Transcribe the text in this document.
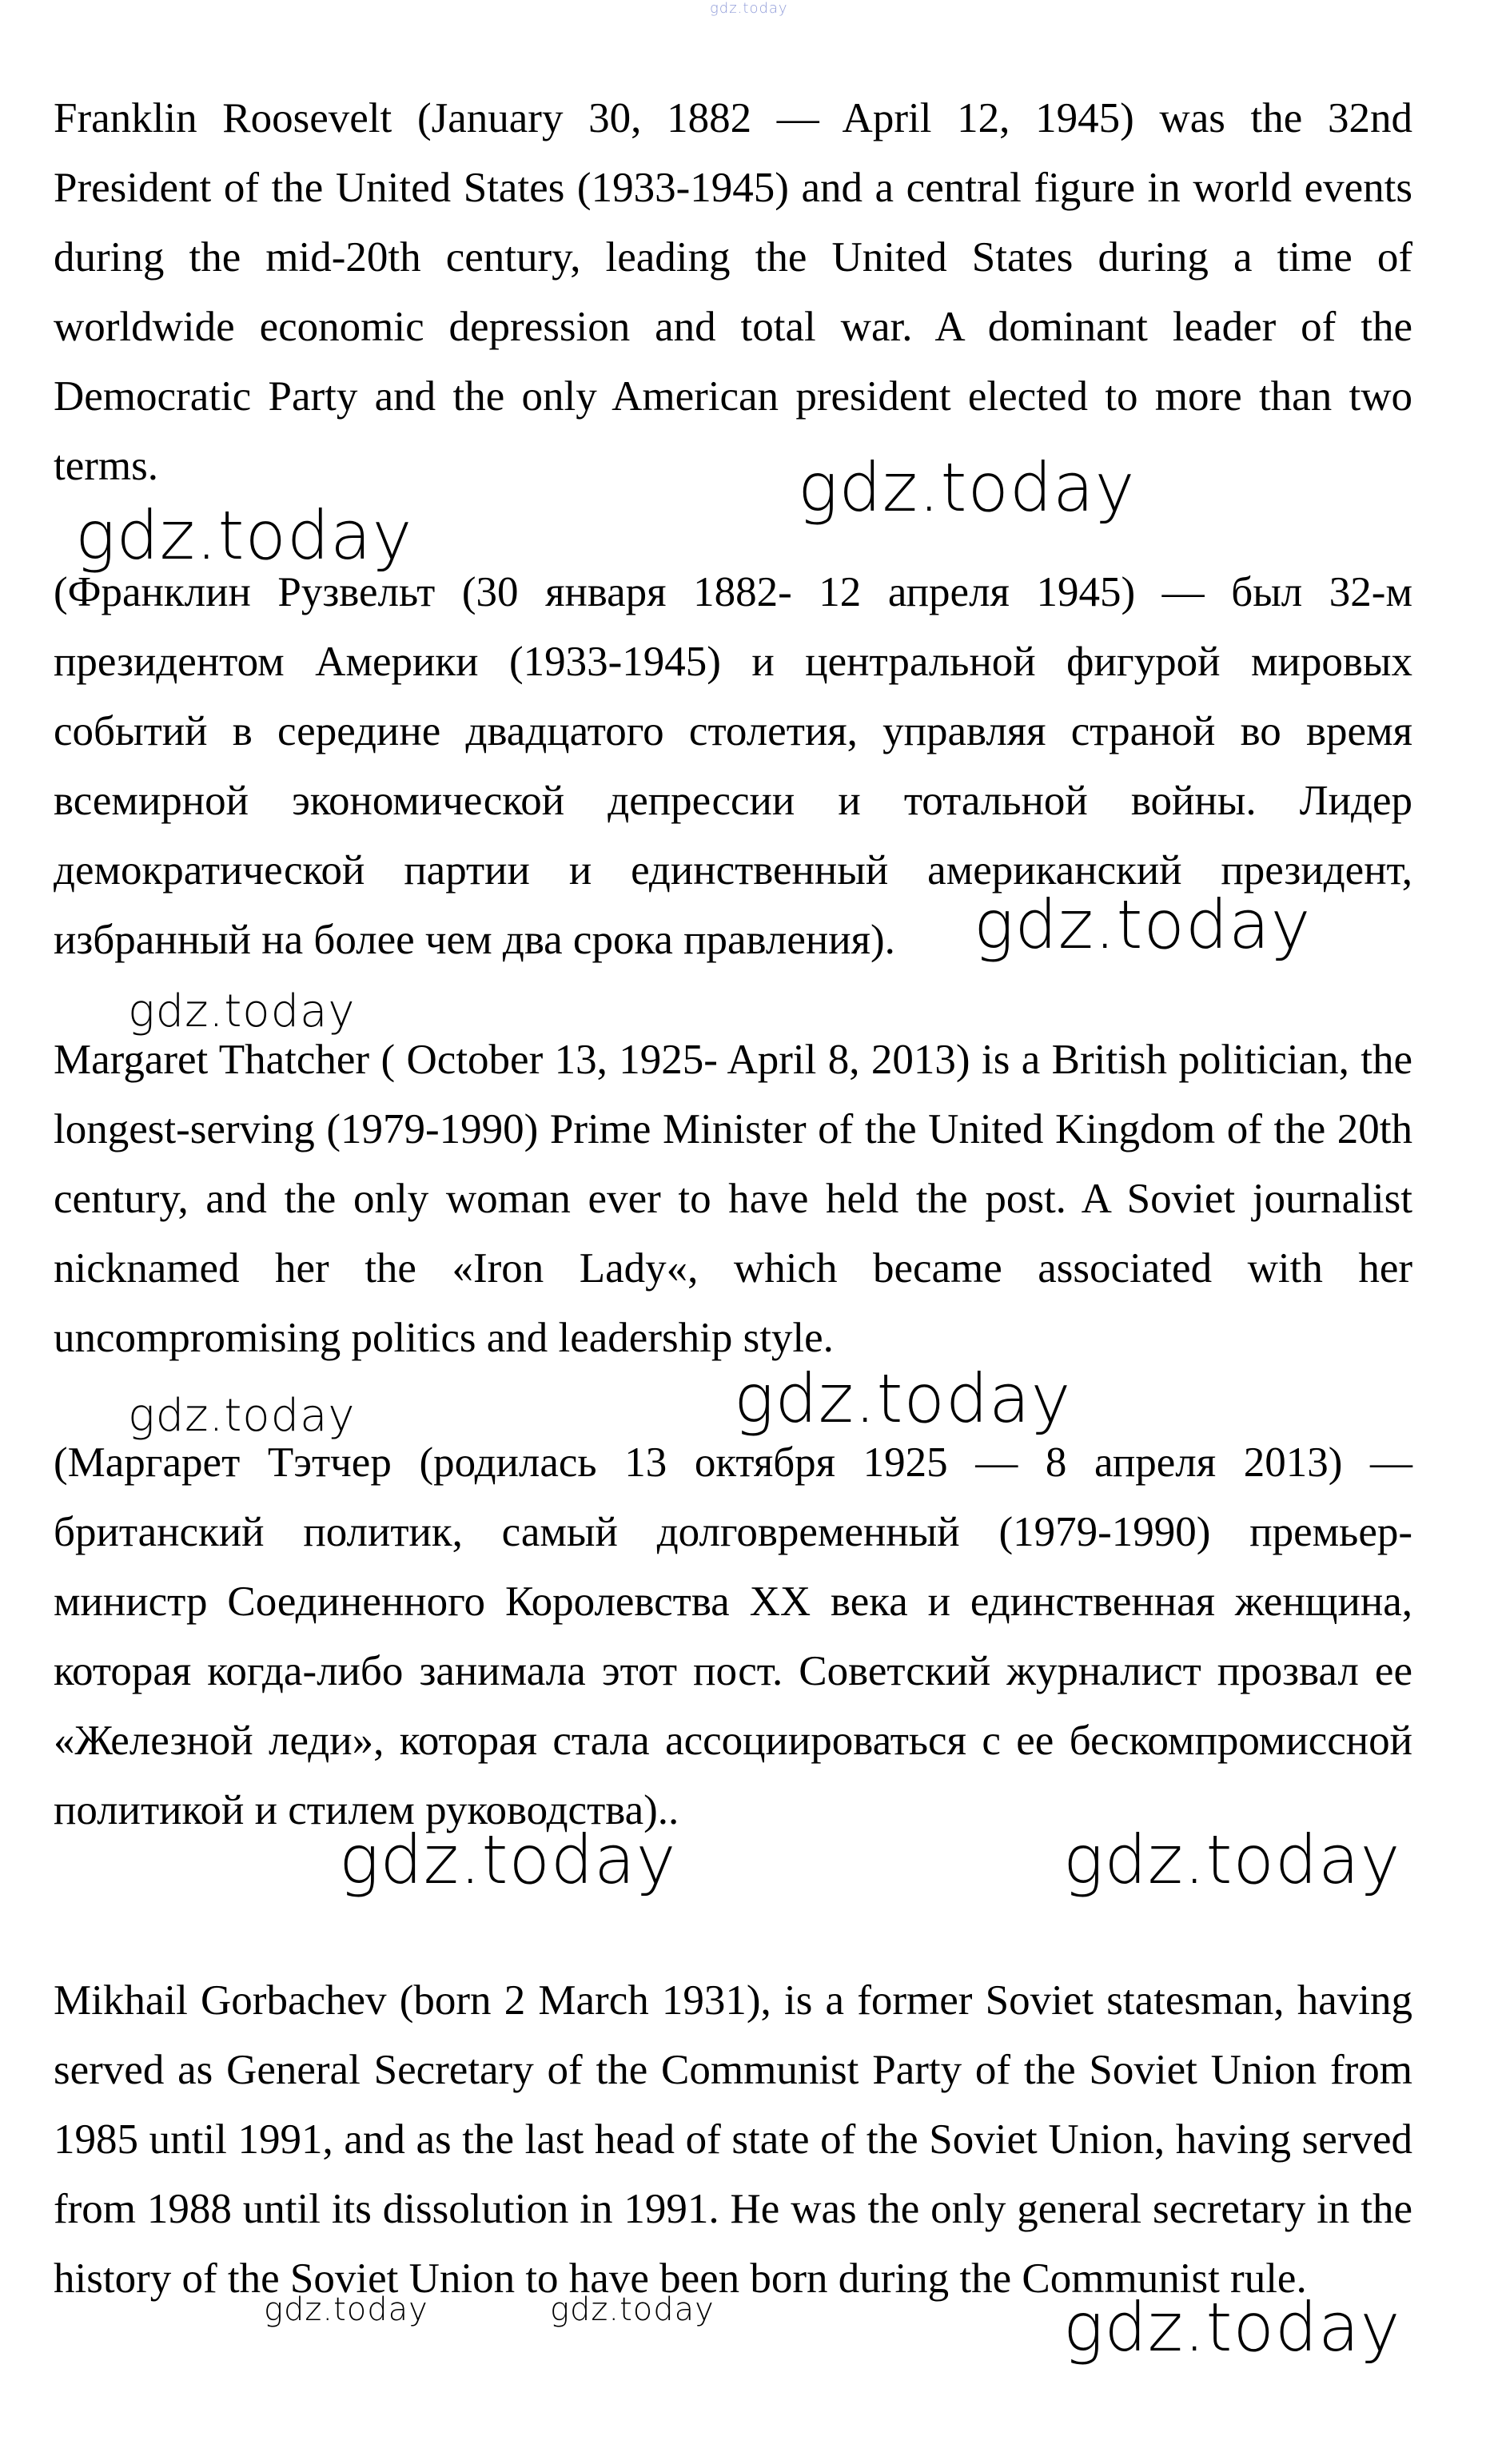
gdz.today

Franklin Roosevelt (January 30, 1882 — April 12, 1945) was the 32nd President of the United States (1933-1945) and a central figure in world events during the mid-20th century, leading the United States during a time of worldwide economic depression and total war. A dominant leader of the Democratic Party and the only American president elected to more than two terms.	gdz.today
gdz.today

(Франклин Рузвельт (30 января 1882- 12 апреля 1945) — был 32-м президентом Америки (1933-1945) и центральной фигурой мировых событий в середине двадцатого столетия, управляя страной во время всемирной экономической депрессии и тотальной войны. Лидер демократической партии и единственный американский президент, избранный на более чем два срока правления).	gdz.today
gdz.today

Margaret Thatcher ( October 13, 1925- April 8, 2013) is a British politician, the longest-serving (1979-1990) Prime Minister of the United Kingdom of the 20th century, and the only woman ever to have held the post. A Soviet journalist nicknamed her the «Iron Lady«, which became associated with her uncompromising politics and leadership style.

gdz.today
gdz.today

(Маргарет Тэтчер (родилась 13 октября 1925 — 8 апреля 2013) — британский политик, самый долговременный (1979-1990) премьер-министр Соединенного Королевства XX века и единственная женщина, которая когда-либо занимала этот пост. Советский журналист прозвал ее «Железной леди», которая стала ассоциироваться с ее бескомпромиссной политикой и стилем руководства)..

gdz.today	gdz.today

Mikhail Gorbachev (born 2 March 1931), is a former Soviet statesman, having served as General Secretary of the Communist Party of the Soviet Union from 1985 until 1991, and as the last head of state of the Soviet Union, having served from 1988 until its dissolution in 1991. He was the only general secretary in the history of the Soviet Union to have been born during the Communist rule.

gdz.today	gdz.today	gdz.today
